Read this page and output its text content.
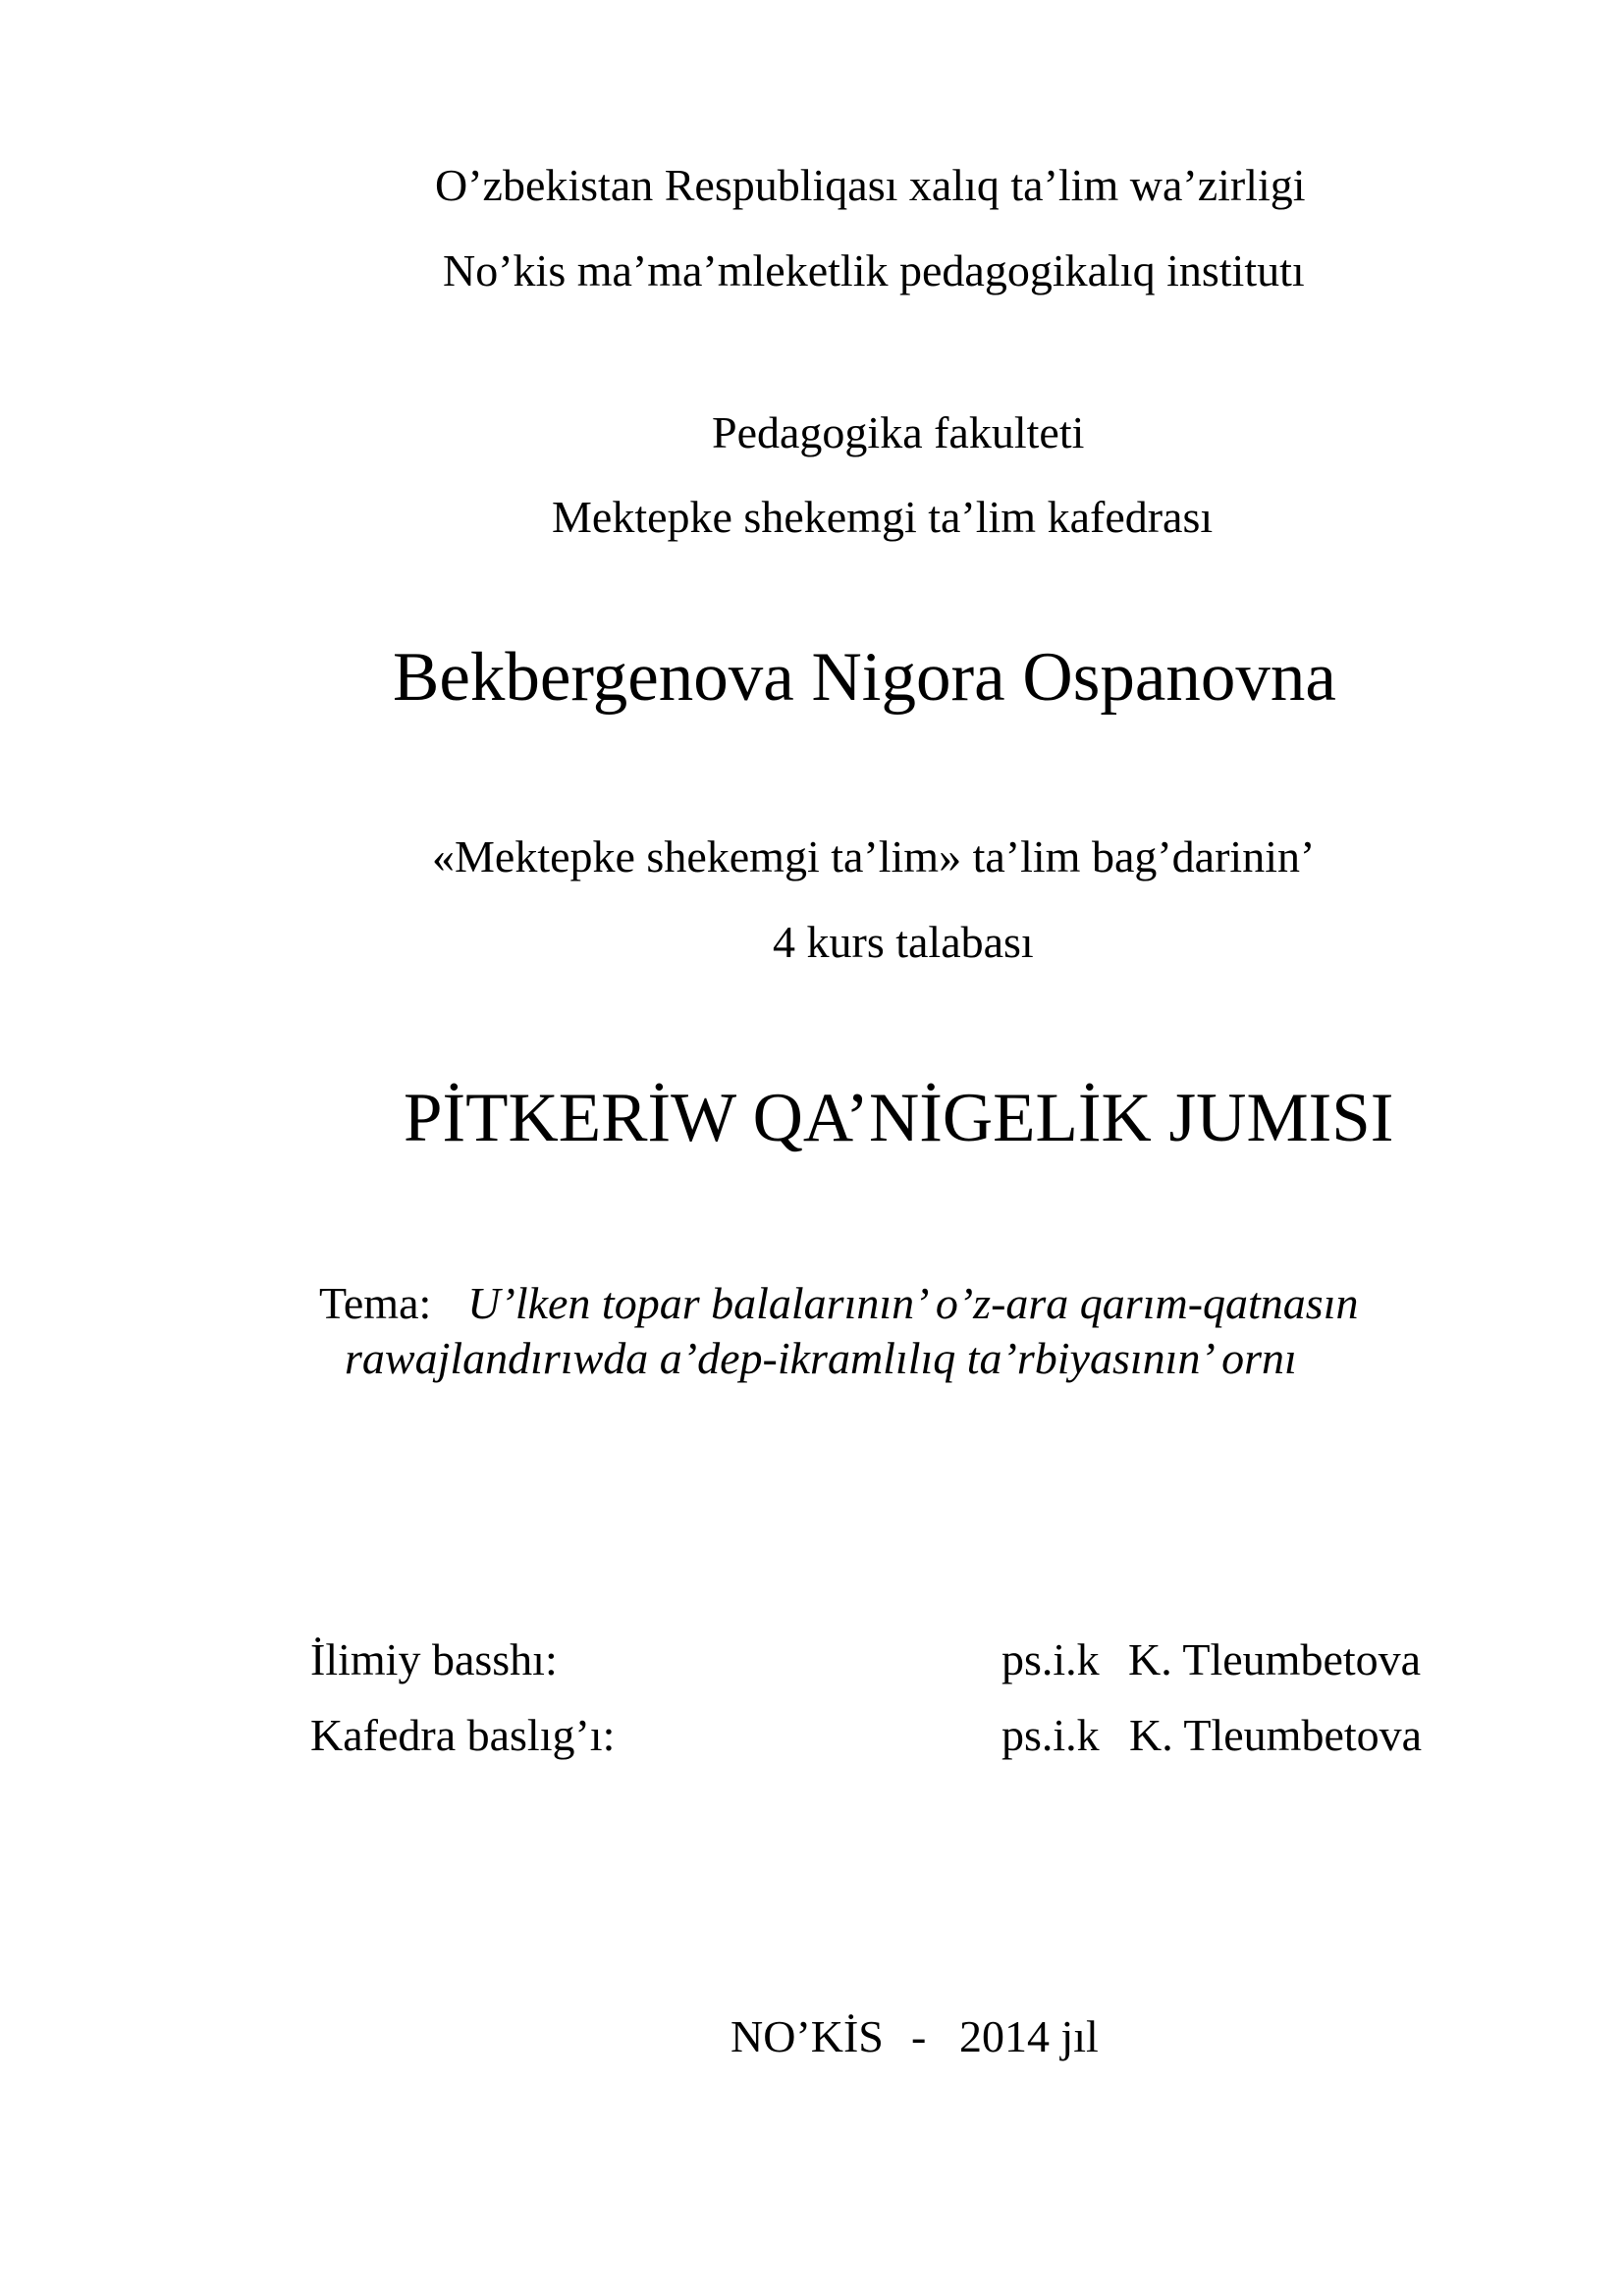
O’zbekistan Respubliqası xalıq ta’lim wa’zirligi
No’kis ma’ma’mleketlik pedagogikalıq institutı
Pedagogika fakulteti
Mektepke shekemgi ta’lim kafedrası
Bekbergenova Nigora Ospanovna
«Mektepke shekemgi ta’lim» ta’lim bag’darinin’
4 kurs talabası
PİTKERİW QA’NİGELİK JUMISI
Tema: U’lken topar balalarının’ o’z-ara qarım-qatnasın
rawajlandırıwda a’dep-ikramlılıq ta’rbiyasının’ ornı
İlimiy basshı:	ps.i.k K. Tleumbetova
Kafedra baslıg’ı:	ps.i.k K. Tleumbetova
NO’KİS - 2014 jıl
